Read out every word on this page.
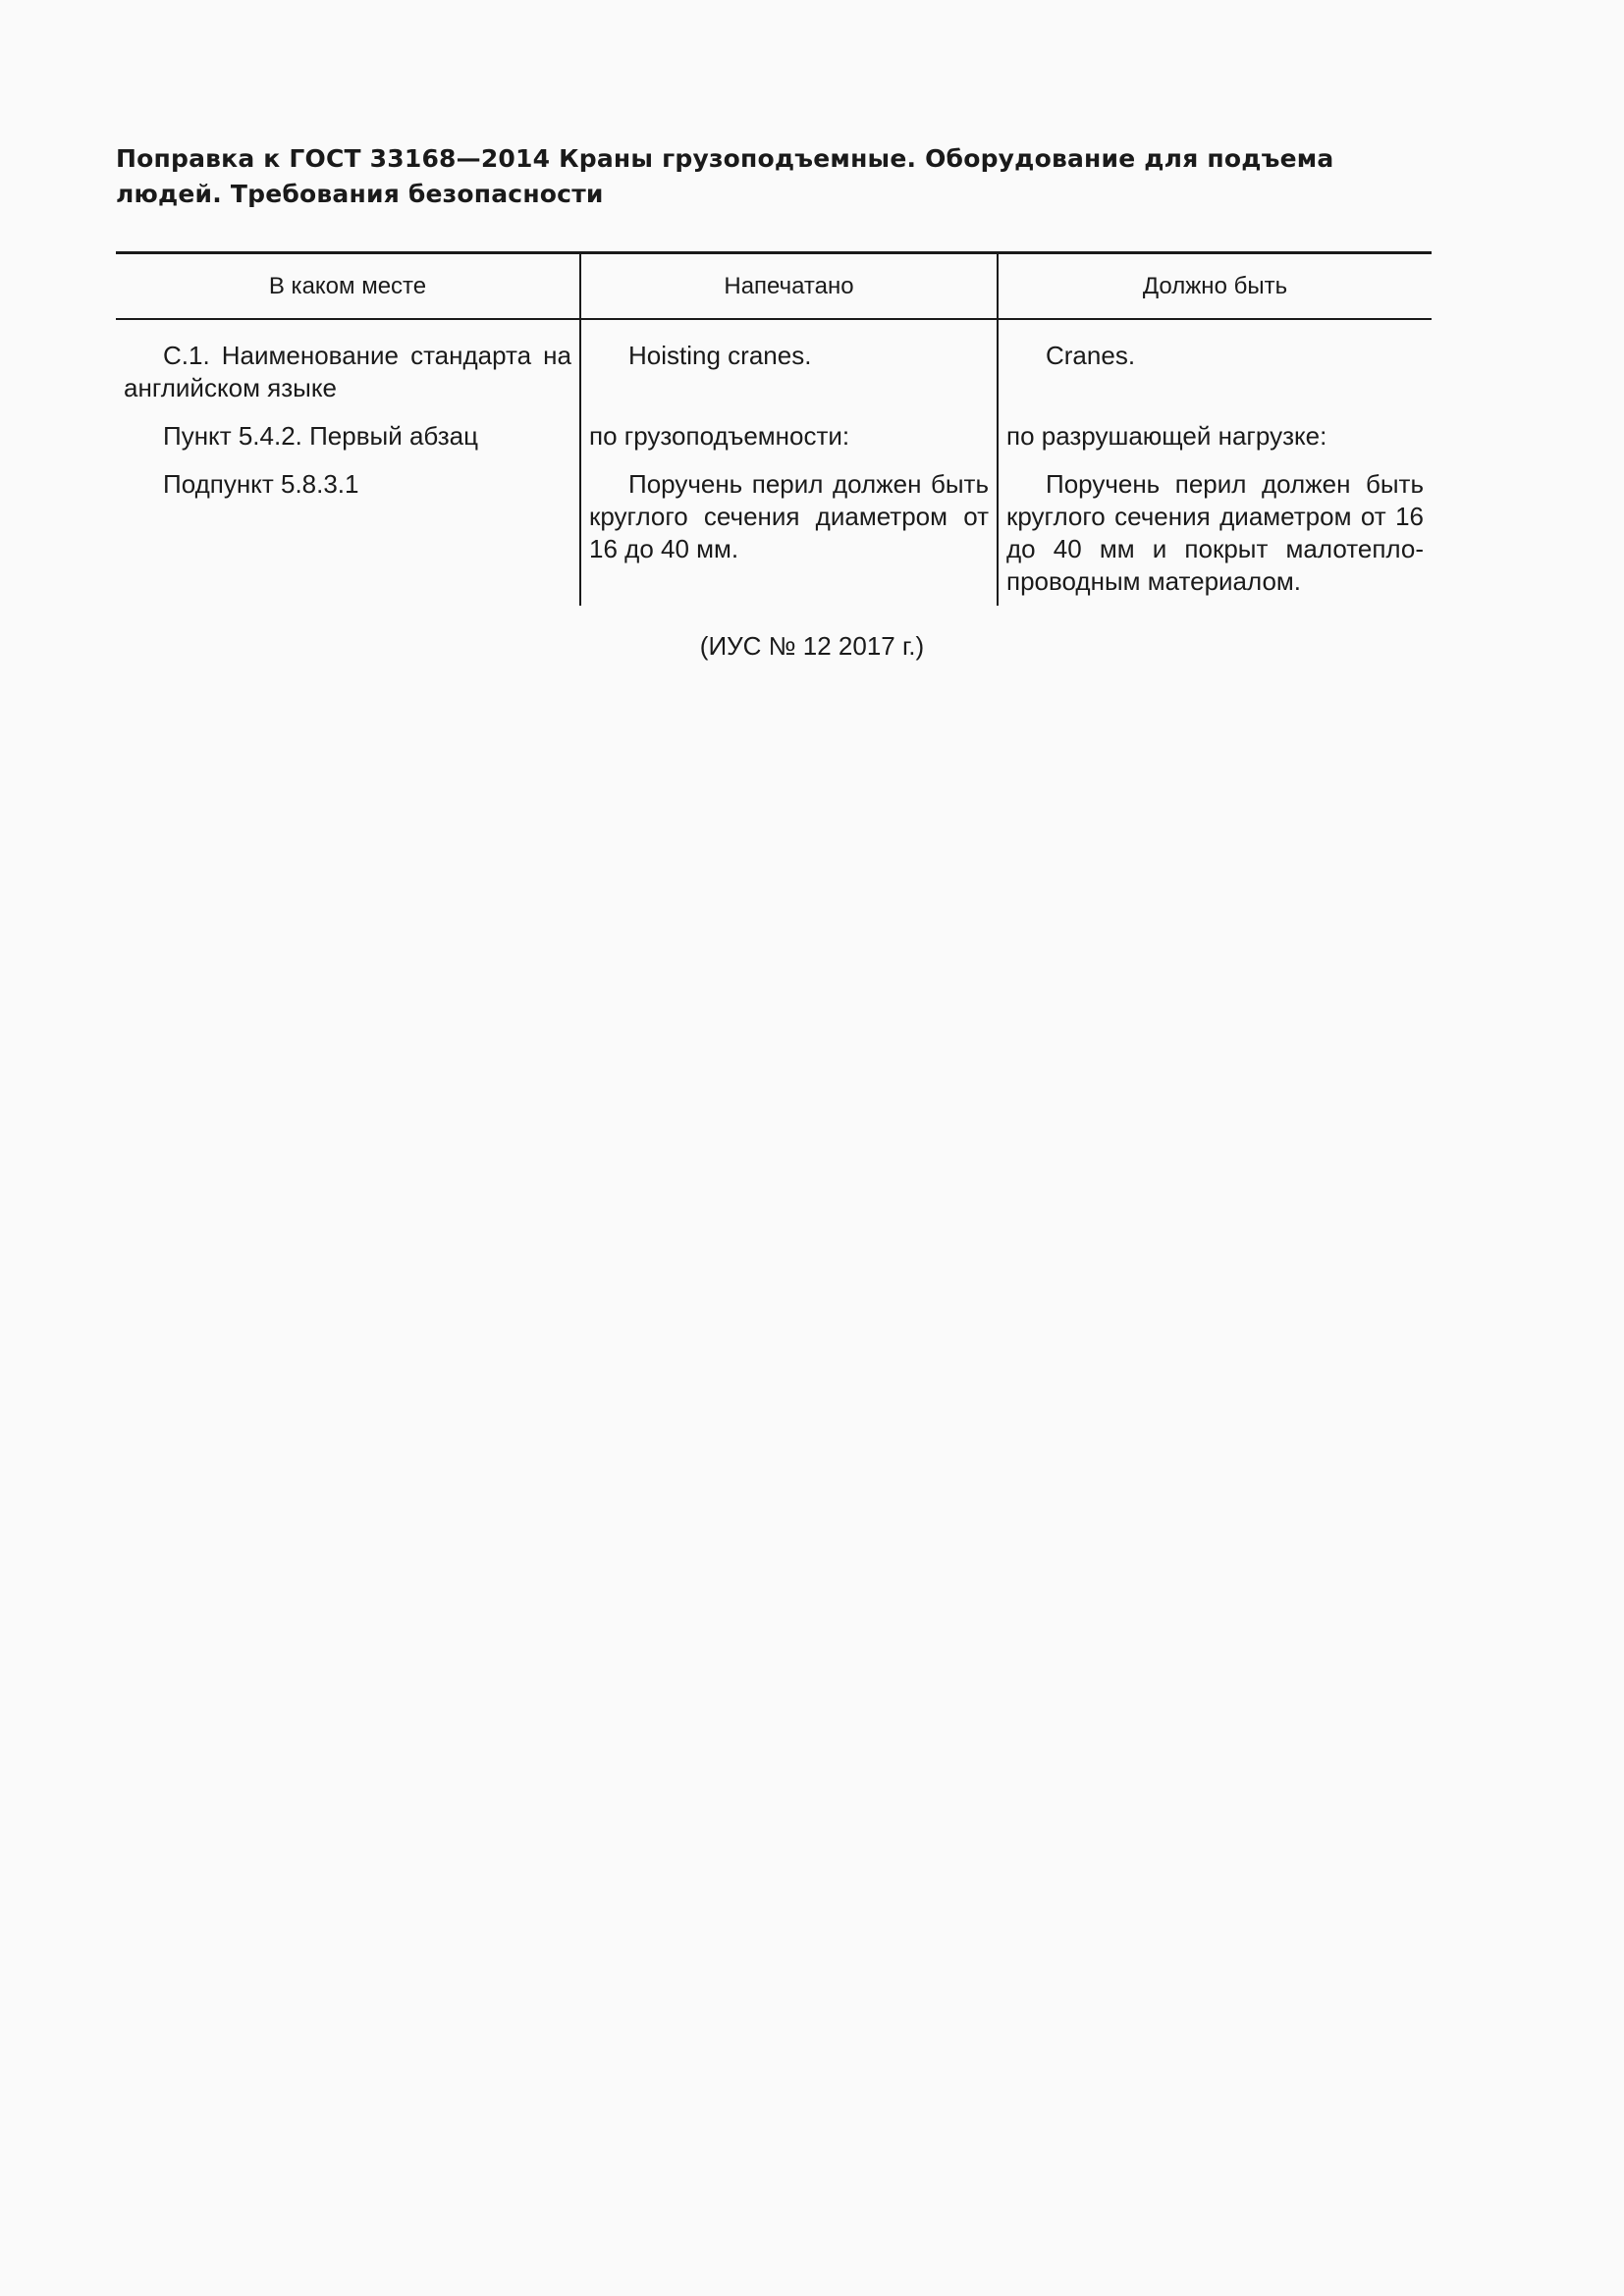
Поправка к ГОСТ 33168—2014 Краны грузоподъемные. Оборудование для подъема людей. Требования безопасности
В каком месте	Напечатано	Должно быть
С.1. Наименование стандарта на английском языке	Hoisting cranes.	Cranes.
Пункт 5.4.2. Первый абзац	по грузоподъемности:	по разрушающей нагрузке:
Подпункт 5.8.3.1	Поручень перил должен быть круглого сечения диаметром от 16 до 40 мм.	Поручень перил должен быть круглого сечения диаметром от 16 до 40 мм и покрыт малотеплопроводным материалом.
(ИУС № 12 2017 г.)
